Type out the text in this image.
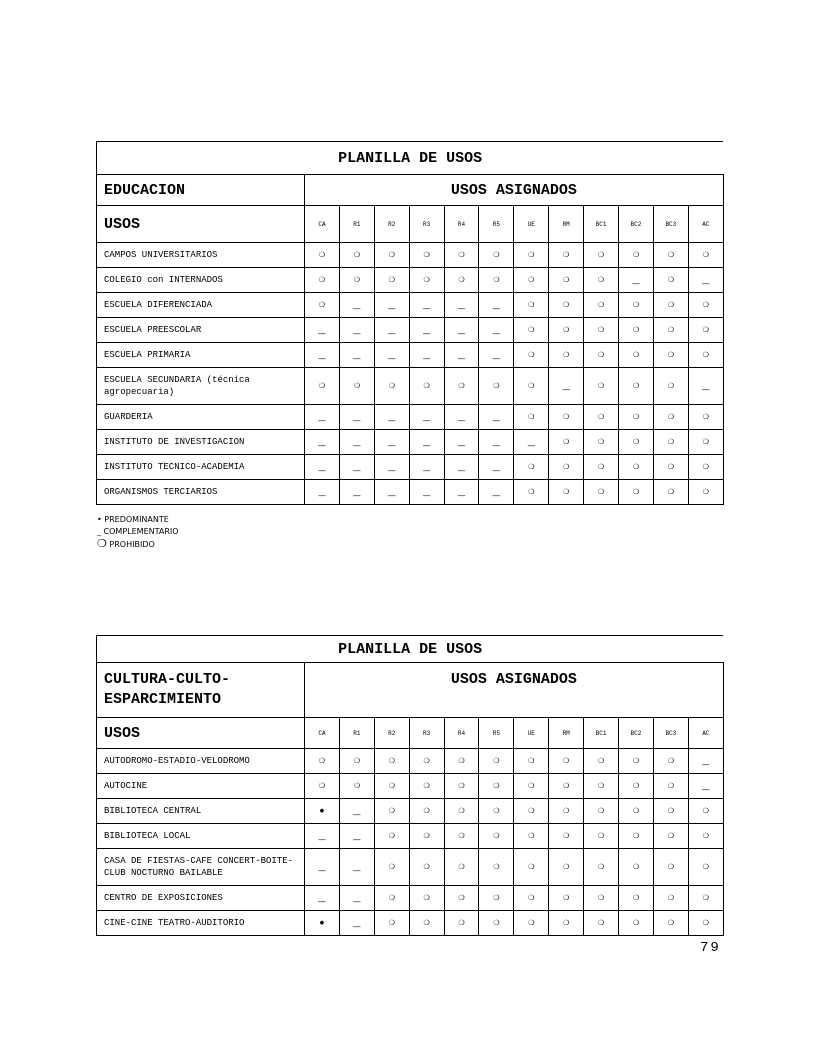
PLANILLA DE USOS												
EDUCACION	USOS ASIGNADOS											
USOS	CA	R1	R2	R3	R4	R5	UE	RM	BC1	BC2	BC3	AC
CAMPOS UNIVERSITARIOS	❍	❍	❍	❍	❍	❍	❍	❍	❍	❍	❍	❍
COLEGIO con INTERNADOS	❍	❍	❍	❍	❍	❍	❍	❍	❍	_	❍	_
ESCUELA DIFERENCIADA	❍	_	_	_	_	_	❍	❍	❍	❍	❍	❍
ESCUELA PREESCOLAR	_	_	_	_	_	_	❍	❍	❍	❍	❍	❍
ESCUELA PRIMARIA	_	_	_	_	_	_	❍	❍	❍	❍	❍	❍
ESCUELA SECUNDARIA (técnica agropecuaria)	❍	❍	❍	❍	❍	❍	❍	_	❍	❍	❍	_
GUARDERIA	_	_	_	_	_	_	❍	❍	❍	❍	❍	❍
INSTITUTO DE INVESTIGACION	_	_	_	_	_	_	_	❍	❍	❍	❍	❍
INSTITUTO TECNICO-ACADEMIA	_	_	_	_	_	_	❍	❍	❍	❍	❍	❍
ORGANISMOS TERCIARIOS	_	_	_	_	_	_	❍	❍	❍	❍	❍	❍
• PREDOMINANTE
_ COMPLEMENTARIO
❍ PROHIBIDO
PLANILLA DE USOS												
CULTURA-CULTO-
ESPARCIMIENTO	USOS ASIGNADOS											
USOS	CA	R1	R2	R3	R4	R5	UE	RM	BC1	BC2	BC3	AC
AUTODROMO-ESTADIO-VELODROMO	❍	❍	❍	❍	❍	❍	❍	❍	❍	❍	❍	_
AUTOCINE	❍	❍	❍	❍	❍	❍	❍	❍	❍	❍	❍	_
BIBLIOTECA CENTRAL	•	_	❍	❍	❍	❍	❍	❍	❍	❍	❍	❍
BIBLIOTECA LOCAL	_	_	❍	❍	❍	❍	❍	❍	❍	❍	❍	❍
CASA DE FIESTAS-CAFE CONCERT-BOITE-CLUB NOCTURNO BAILABLE	_	_	❍	❍	❍	❍	❍	❍	❍	❍	❍	❍
CENTRO DE EXPOSICIONES	_	_	❍	❍	❍	❍	❍	❍	❍	❍	❍	❍
CINE-CINE TEATRO-AUDITORIO	•	_	❍	❍	❍	❍	❍	❍	❍	❍	❍	❍
79
